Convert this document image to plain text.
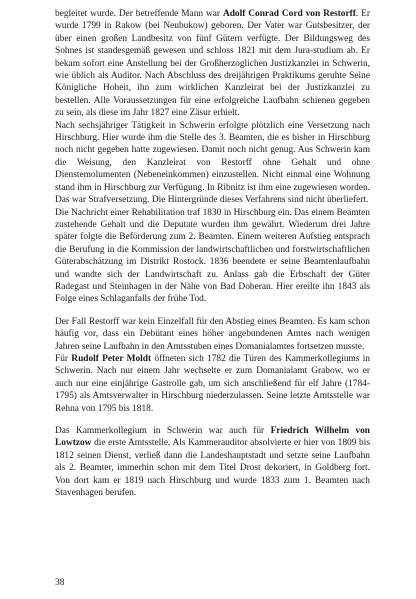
begleitet wurde. Der betreffende Mann war Adolf Conrad Cord von Restorff. Er wurde 1799 in Rakow (bei Neubukow) geboren. Der Vater war Gutsbesitzer, der über einen großen Landbesitz von fünf Gütern verfügte. Der Bildungsweg des Sohnes ist standesgemäß gewesen und schloss 1821 mit dem Jura-studium ab. Er bekam sofort eine Anstellung bei der Großherzoglichen Justizkanzlei in Schwerin, wie üblich als Auditor. Nach Abschluss des dreijährigen Praktikums geruhte Seine Königliche Hoheit, ihn zum wirklichen Kanzleirat bei der Justizkanzlei zu bestellen. Alle Voraussetzungen für eine erfolgreiche Laufbahn schienen gegeben zu sein, als diese im Jahr 1827 eine Zäsur erhielt.

Nach sechsjähriger Tätigkeit in Schwerin erfolgte plötzlich eine Versetzung nach Hirschburg. Hier wurde ihm die Stelle des 3. Beamten, die es bisher in Hirschburg noch nicht gegeben hatte zugewiesen. Damit noch nicht genug. Aus Schwerin kam die Weisung, den Kanzleirat von Restorff ohne Gehalt und ohne Dienstemolumenten (Nebeneinkommen) einzustellen. Nicht einmal eine Wohnung stand ihm in Hirschburg zur Verfügung. In Ribnitz ist ihm eine zugewiesen worden. Das war Strafversetzung. Die Hintergründe dieses Verfahrens sind nicht überliefert.

Die Nachricht einer Rehabilitation traf 1830 in Hirschburg ein. Das einem Beamten zustehende Gehalt und die Deputate wurden ihm gewährt. Wiederum drei Jahre später folgte die Beförderung zum 2. Beamten. Einem weiteren Aufstieg entsprach die Berufung in die Kommission der landwirtschaftlichen und forstwirtschaftlichen Güterabschätzung im Distrikt Rostock. 1836 beendete er seine Beamtenlaufbahn und wandte sich der Landwirtschaft zu. Anlass gab die Erbschaft der Güter Radegast und Steinhagen in der Nähe von Bad Doberan. Hier ereilte ihn 1843 als Folge eines Schlaganfalls der frühe Tod.

Der Fall Restorff war kein Einzelfall für den Abstieg eines Beamten. Es kam schon häufig vor, dass ein Debütant eines höher angebundenen Amtes nach wenigen Jahren seine Laufbahn in den Amtsstuben eines Domanialamtes fortsetzen musste.

Für Rudolf Peter Moldt öffneten sich 1782 die Türen des Kammerkollegiums in Schwerin. Nach nur einem Jahr wechselte er zum Domanialamt Grabow, wo er auch nur eine einjährige Gastrolle gab, um sich anschließend für elf Jahre (1784-1795) als Amtsverwalter in Hirschburg niederzulassen. Seine letzte Amtsstelle war Rehna von 1795 bis 1818.

Das Kammerkollegium in Schwerin war auch für Friedrich Wilhelm von Lowtzow die erste Amtsstelle. Als Kammerauditor absolvierte er hier von 1809 bis 1812 seinen Dienst, verließ dann die Landeshauptstadt und setzte seine Laufbahn als 2. Beamter, immerhin schon mit dem Titel Drost dekoriert, in Goldberg fort. Von dort kam er 1819 nach Hirschburg und wurde 1833 zum 1. Beamten nach Stavenhagen berufen.

38
